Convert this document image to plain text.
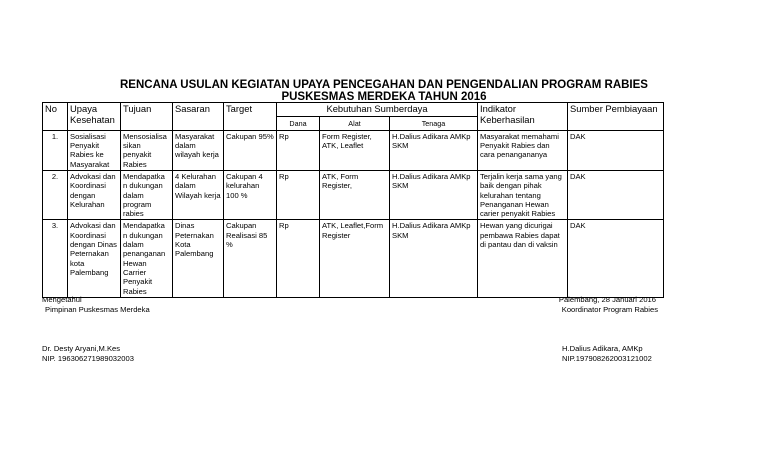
RENCANA USULAN KEGIATAN UPAYA PENCEGAHAN DAN PENGENDALIAN PROGRAM RABIES
PUSKESMAS MERDEKA TAHUN 2016
No	Upaya Kesehatan	Tujuan	Sasaran	Target	Kebutuhan Sumberdaya			Indikator Keberhasilan	Sumber Pembiayaan
					Dana	Alat	Tenaga		
1.	Sosialisasi Penyakit Rabies ke Masyarakat	Mensosialisa sikan penyakit Rabies	Masyarakat dalam wilayah kerja	Cakupan 95%	Rp	Form Register, ATK, Leaflet	H.Dalius Adikara AMKp SKM	Masyarakat memahami Penyakit Rabies dan cara penangananya	DAK
2.	Advokasi dan Koordinasi dengan Kelurahan	Mendapatka n dukungan dalam program rabies	4 Kelurahan dalam Wilayah kerja	Cakupan 4 kelurahan 100 %	Rp	ATK, Form Register,	H.Dalius Adikara AMKp SKM	Terjalin kerja sama yang baik dengan pihak kelurahan tentang Penanganan Hewan carier penyakit Rabies	DAK
3.	Advokasi dan Koordinasi dengan Dinas Peternakan kota Palembang	Mendapatka n dukungan dalam penanganan Hewan Carrier Penyakit Rabies	Dinas Peternakan Kota Palembang	Cakupan Realisasi 85 %	Rp	ATK, Leaflet,Form Register	H.Dalius Adikara AMKp SKM	Hewan yang dicurigai pembawa Rabies dapat di pantau dan di vaksin	DAK
Mengetahui
Pimpinan Puskesmas Merdeka
Dr. Desty Aryani,M.Kes
NIP. 196306271989032003
Palembang, 28 Januari 2016
Koordinator Program Rabies
H.Dalius Adikara, AMKp
NIP.197908262003121002
